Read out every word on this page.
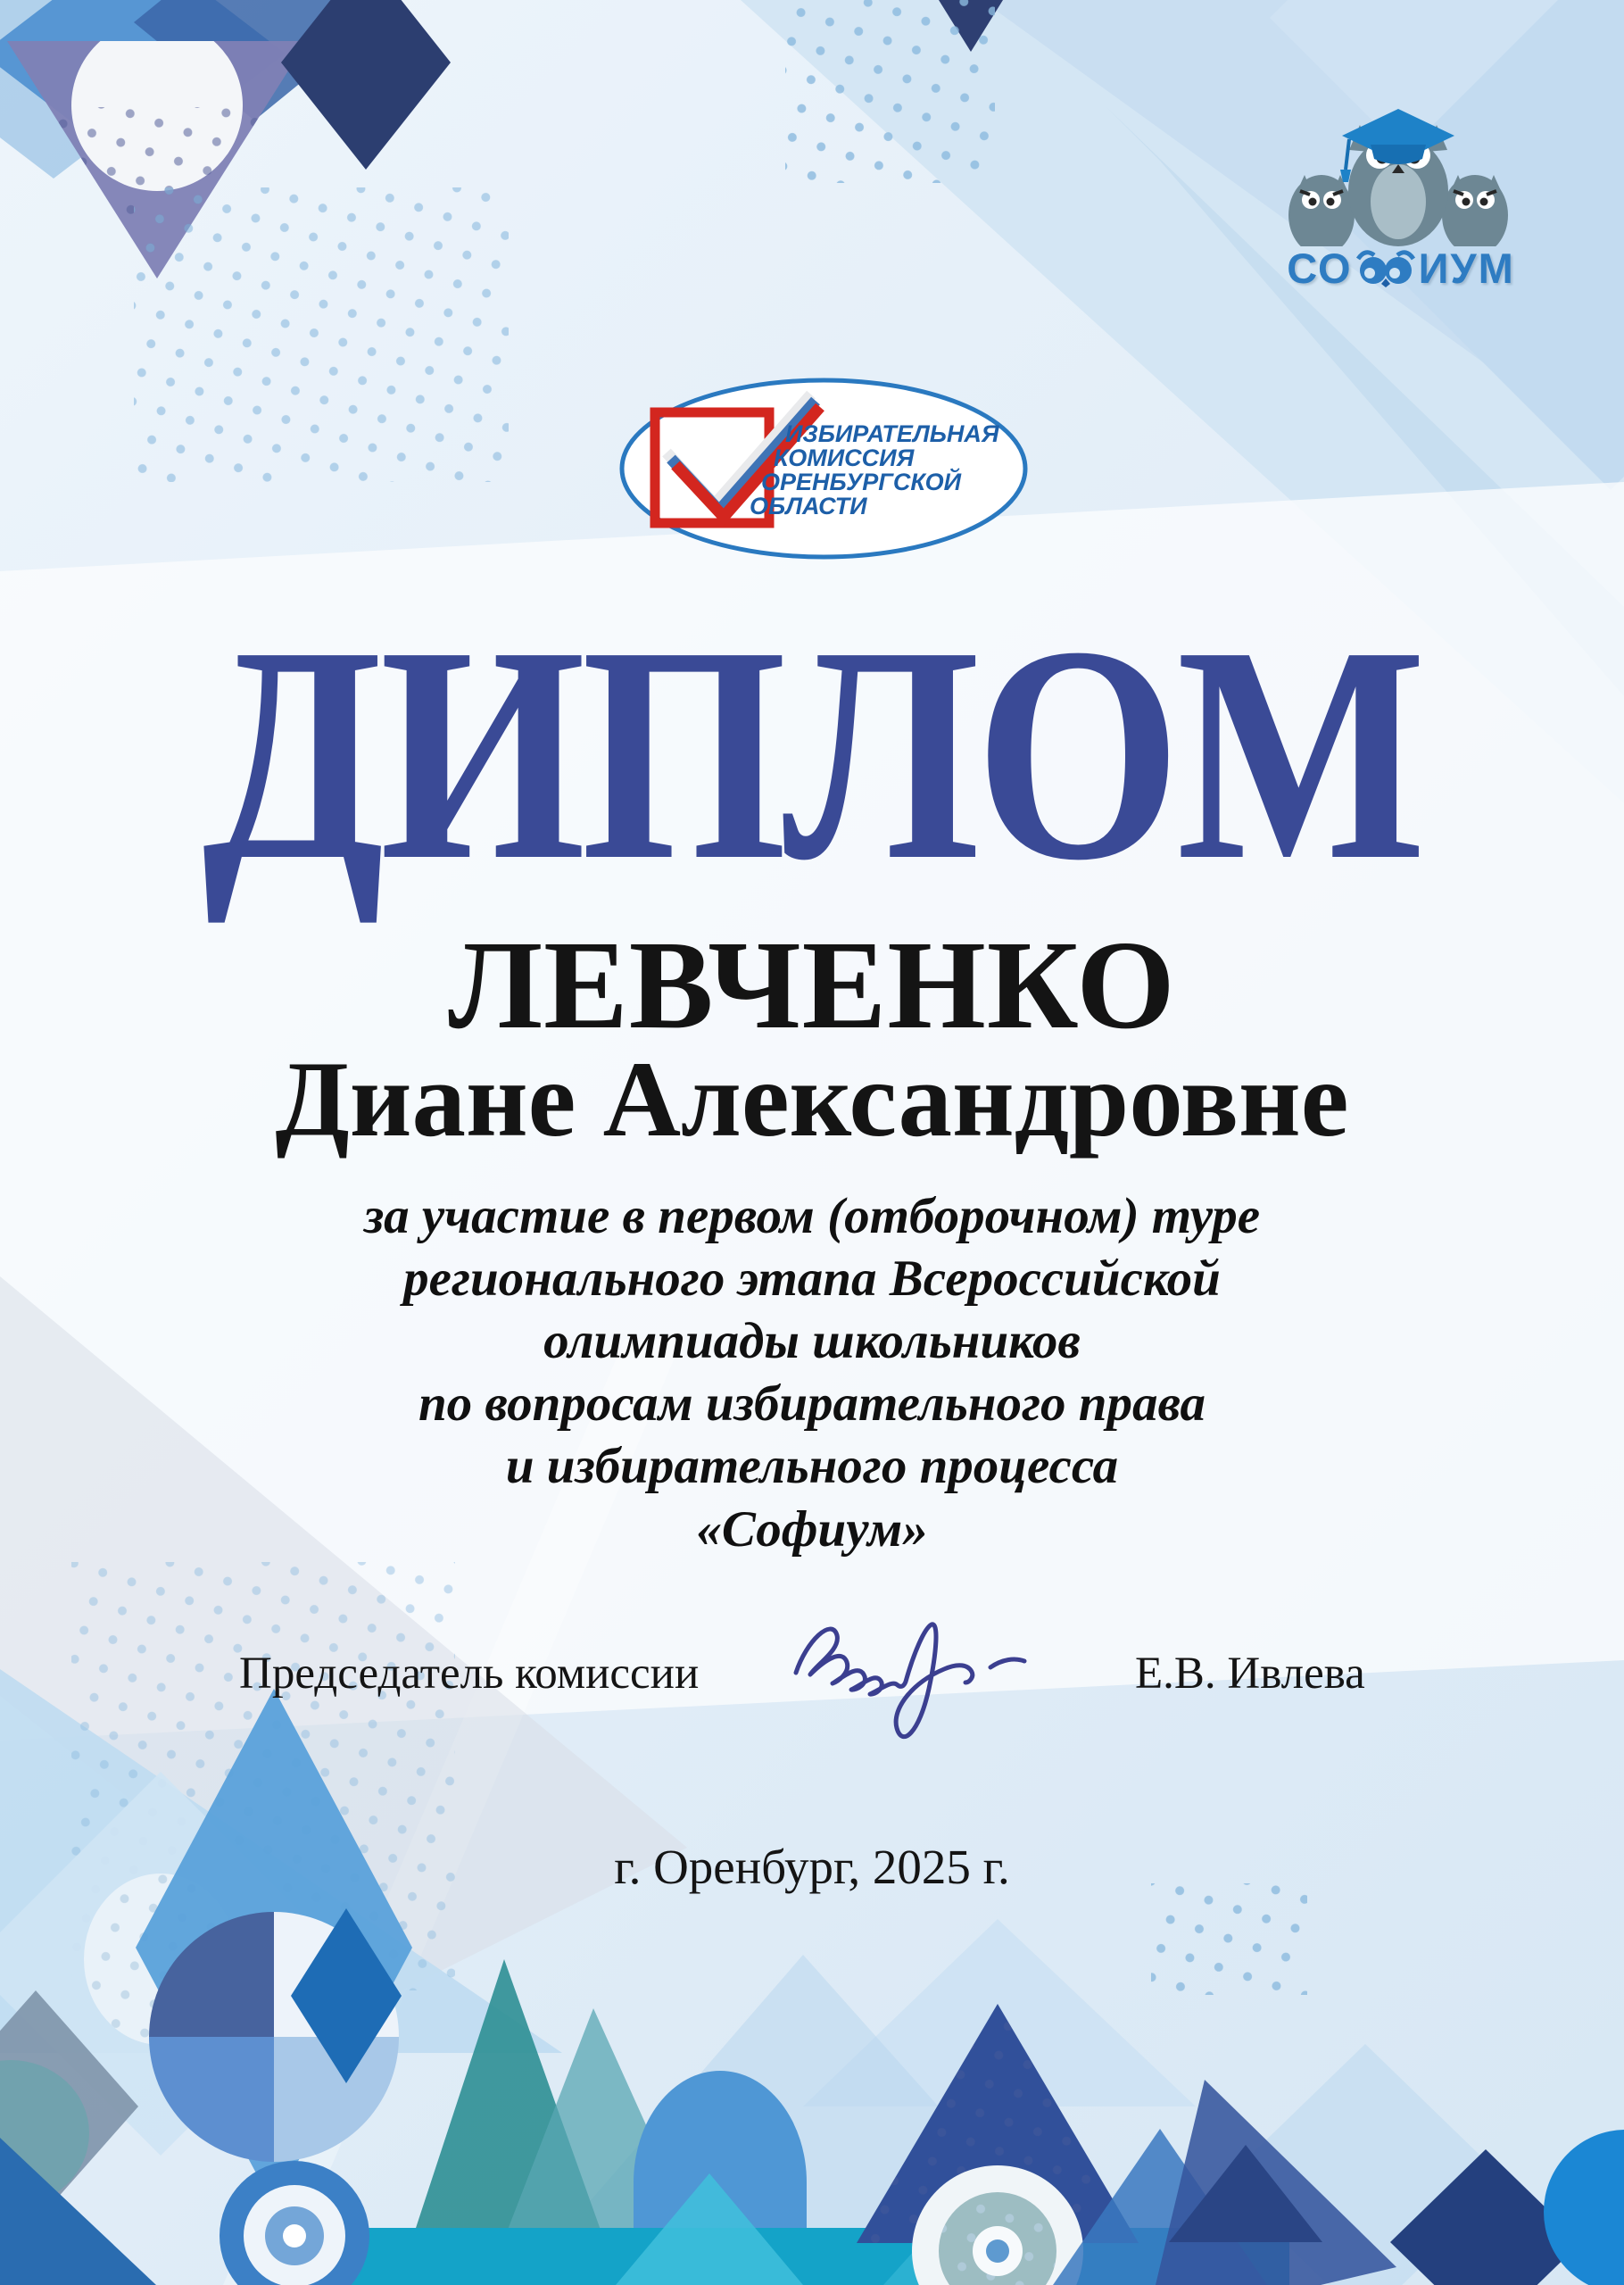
ИЗБИРАТЕЛЬНАЯ
КОМИССИЯ
ОРЕНБУРГСКОЙ
ОБЛАСТИ
СО ИУМ
ДИПЛОМ
ЛЕВЧЕНКО
Диане Александровне
за участие в первом (отборочном) туре
регионального этапа Всероссийской
олимпиады школьников
по вопросам избирательного права
и избирательного процесса
«Софиум»
Председатель комиссии	Е.В. Ивлева
г. Оренбург, 2025 г.
